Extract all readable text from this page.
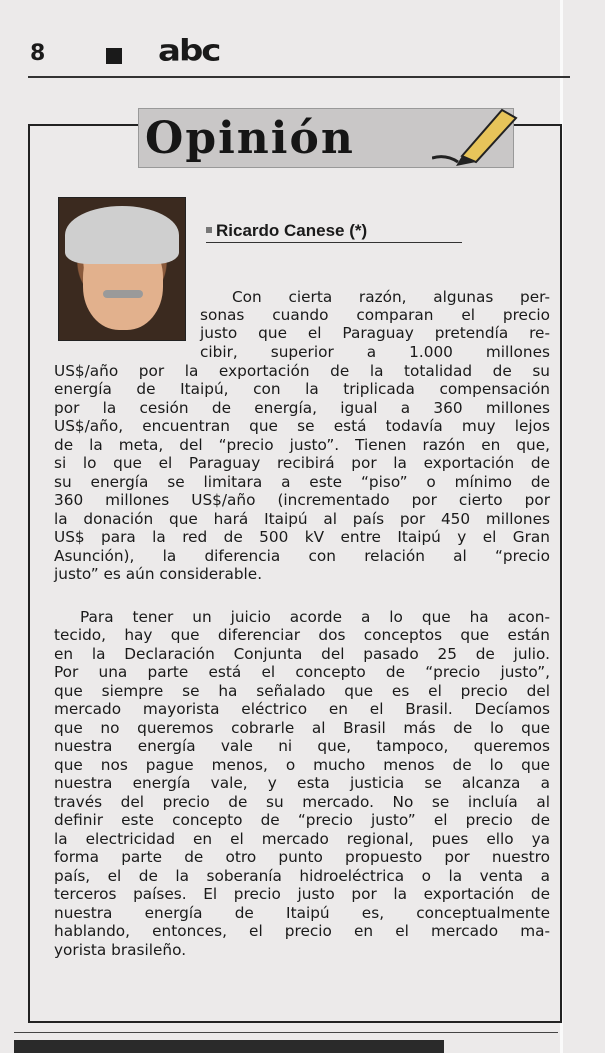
8	abc
Opinión
Ricardo Canese (*)
Con cierta razón, algunas per-
sonas cuando comparan el precio
justo que el Paraguay pretendía re-
cibir, superior a 1.000 millones
US$/año por la exportación de la totalidad de su
energía de Itaipú, con la triplicada compensación
por la cesión de energía, igual a 360 millones
US$/año, encuentran que se está todavía muy lejos
de la meta, del “precio justo”. Tienen razón en que,
si lo que el Paraguay recibirá por la exportación de
su energía se limitara a este “piso” o mínimo de
360 millones US$/año (incrementado por cierto por
la donación que hará Itaipú al país por 450 millones
US$ para la red de 500 kV entre Itaipú y el Gran
Asunción), la diferencia con relación al “precio
justo” es aún considerable.
Para tener un juicio acorde a lo que ha acon-
tecido, hay que diferenciar dos conceptos que están
en la Declaración Conjunta del pasado 25 de julio.
Por una parte está el concepto de “precio justo”,
que siempre se ha señalado que es el precio del
mercado mayorista eléctrico en el Brasil. Decíamos
que no queremos cobrarle al Brasil más de lo que
nuestra energía vale ni que, tampoco, queremos
que nos pague menos, o mucho menos de lo que
nuestra energía vale, y esta justicia se alcanza a
través del precio de su mercado. No se incluía al
definir este concepto de “precio justo” el precio de
la electricidad en el mercado regional, pues ello ya
forma parte de otro punto propuesto por nuestro
país, el de la soberanía hidroeléctrica o la venta a
terceros países. El precio justo por la exportación de
nuestra energía de Itaipú es, conceptualmente
hablando, entonces, el precio en el mercado ma-
yorista brasileño.
